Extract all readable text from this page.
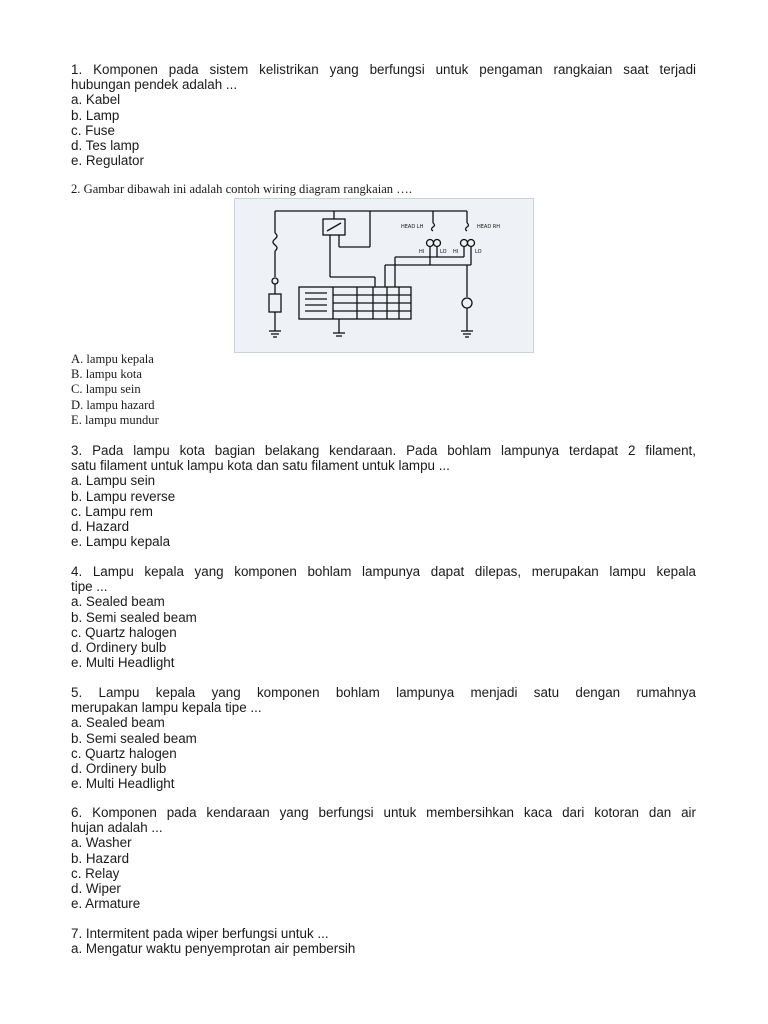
1. Komponen pada sistem kelistrikan yang berfungsi untuk pengaman rangkaian saat terjadi
hubungan pendek adalah ...
a. Kabel
b. Lamp
c. Fuse
d. Tes lamp
e. Regulator
2. Gambar dibawah ini adalah contoh wiring diagram rangkaian ….
HEAD LH	HEAD RH
HI	LO HI	LO
A. lampu kepala
B. lampu kota
C. lampu sein
D. lampu hazard
E. lampu mundur
3. Pada lampu kota bagian belakang kendaraan. Pada bohlam lampunya terdapat 2 filament,
satu filament untuk lampu kota dan satu filament untuk lampu ...
a. Lampu sein
b. Lampu reverse
c. Lampu rem
d. Hazard
e. Lampu kepala
4. Lampu kepala yang komponen bohlam lampunya dapat dilepas, merupakan lampu kepala
tipe ...
a. Sealed beam
b. Semi sealed beam
c. Quartz halogen
d. Ordinery bulb
e. Multi Headlight
5. Lampu kepala yang komponen bohlam lampunya menjadi satu dengan rumahnya
merupakan lampu kepala tipe ...
a. Sealed beam
b. Semi sealed beam
c. Quartz halogen
d. Ordinery bulb
e. Multi Headlight
6. Komponen pada kendaraan yang berfungsi untuk membersihkan kaca dari kotoran dan air
hujan adalah ...
a. Washer
b. Hazard
c. Relay
d. Wiper
e. Armature
7. Intermitent pada wiper berfungsi untuk ...
a. Mengatur waktu penyemprotan air pembersih
